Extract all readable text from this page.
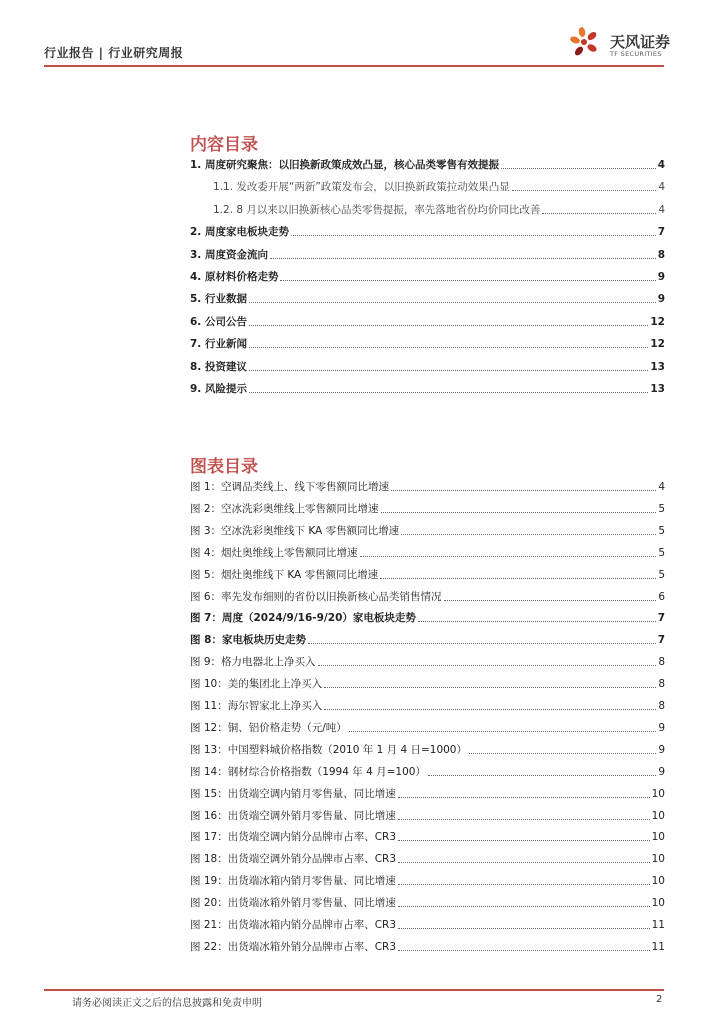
行业报告 | 行业研究周报
天风证券
TF SECURITIES
内容目录
1. 周度研究聚焦：以旧换新政策成效凸显，核心品类零售有效提振	4
1.1. 发改委开展“两新”政策发布会，以旧换新政策拉动效果凸显	4
1.2. 8 月以来以旧换新核心品类零售提振，率先落地省份均价同比改善	4
2. 周度家电板块走势	7
3. 周度资金流向	8
4. 原材料价格走势	9
5. 行业数据	9
6. 公司公告	12
7. 行业新闻	12
8. 投资建议	13
9. 风险提示	13
图表目录
图 1：空调品类线上、线下零售额同比增速	4
图 2：空冰洗彩奥维线上零售额同比增速	5
图 3：空冰洗彩奥维线下 KA 零售额同比增速	5
图 4：烟灶奥维线上零售额同比增速	5
图 5：烟灶奥维线下 KA 零售额同比增速	5
图 6：率先发布细则的省份以旧换新核心品类销售情况	6
图 7：周度（2024/9/16-9/20）家电板块走势	7
图 8：家电板块历史走势	7
图 9：格力电器北上净买入	8
图 10：美的集团北上净买入	8
图 11：海尔智家北上净买入	8
图 12：铜、铝价格走势（元/吨）	9
图 13：中国塑料城价格指数（2010 年 1 月 4 日=1000）	9
图 14：钢材综合价格指数（1994 年 4 月=100）	9
图 15：出货端空调内销月零售量、同比增速	10
图 16：出货端空调外销月零售量、同比增速	10
图 17：出货端空调内销分品牌市占率、CR3	10
图 18：出货端空调外销分品牌市占率、CR3	10
图 19：出货端冰箱内销月零售量、同比增速	10
图 20：出货端冰箱外销月零售量、同比增速	10
图 21：出货端冰箱内销分品牌市占率、CR3	11
图 22：出货端冰箱外销分品牌市占率、CR3	11
请务必阅读正文之后的信息披露和免责申明	2
